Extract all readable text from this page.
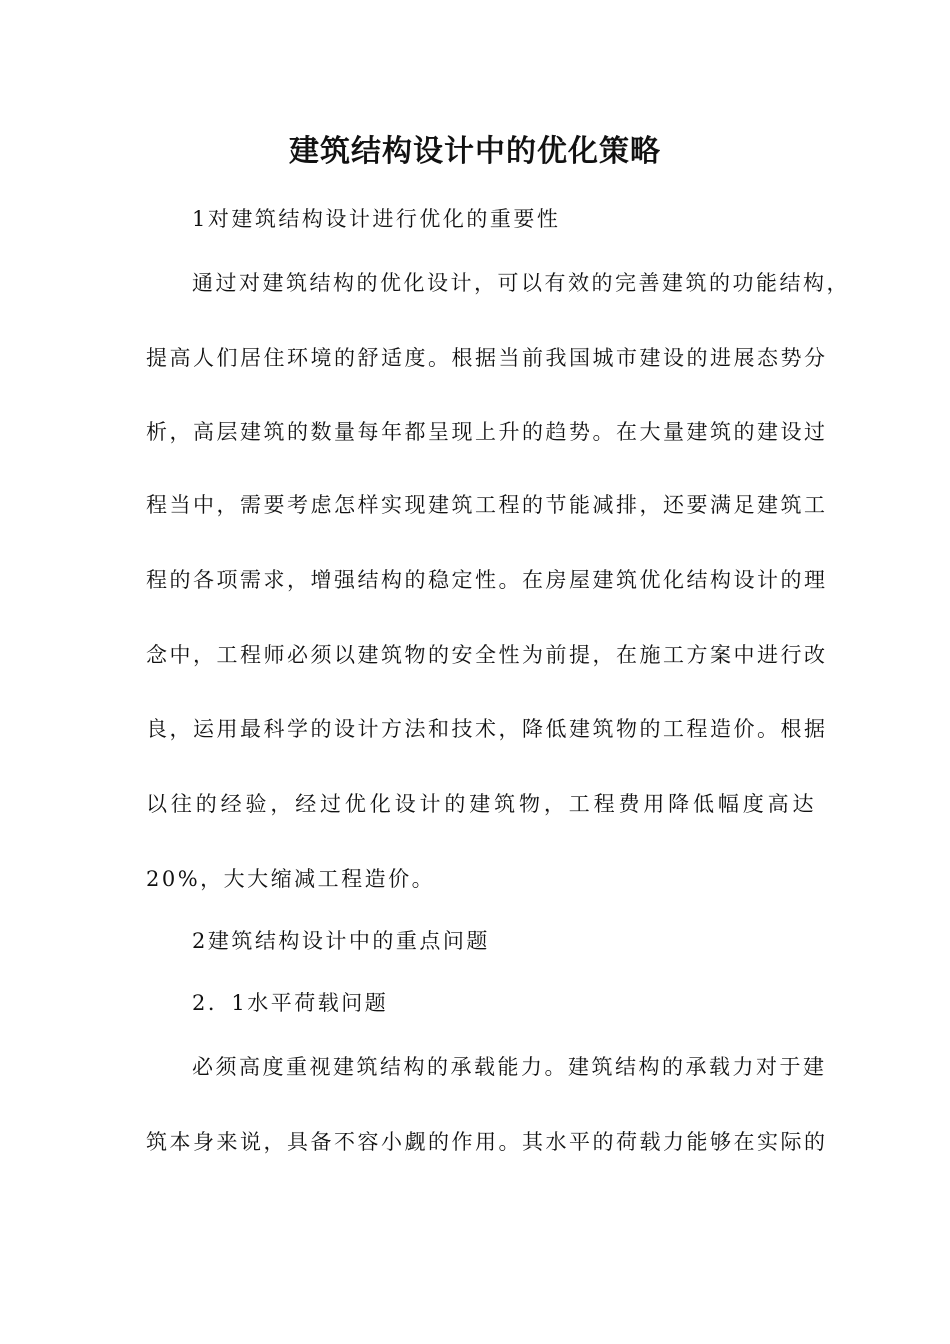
建筑结构设计中的优化策略
1对建筑结构设计进行优化的重要性
通过对建筑结构的优化设计，可以有效的完善建筑的功能结构，
提高人们居住环境的舒适度。根据当前我国城市建设的进展态势分
析，高层建筑的数量每年都呈现上升的趋势。在大量建筑的建设过
程当中，需要考虑怎样实现建筑工程的节能减排，还要满足建筑工
程的各项需求，增强结构的稳定性。在房屋建筑优化结构设计的理
念中，工程师必须以建筑物的安全性为前提，在施工方案中进行改
良，运用最科学的设计方法和技术，降低建筑物的工程造价。根据
以往的经验，经过优化设计的建筑物，工程费用降低幅度高达
20%，大大缩减工程造价。
2建筑结构设计中的重点问题
2．1水平荷载问题
必须高度重视建筑结构的承载能力。建筑结构的承载力对于建
筑本身来说，具备不容小觑的作用。其水平的荷载力能够在实际的
